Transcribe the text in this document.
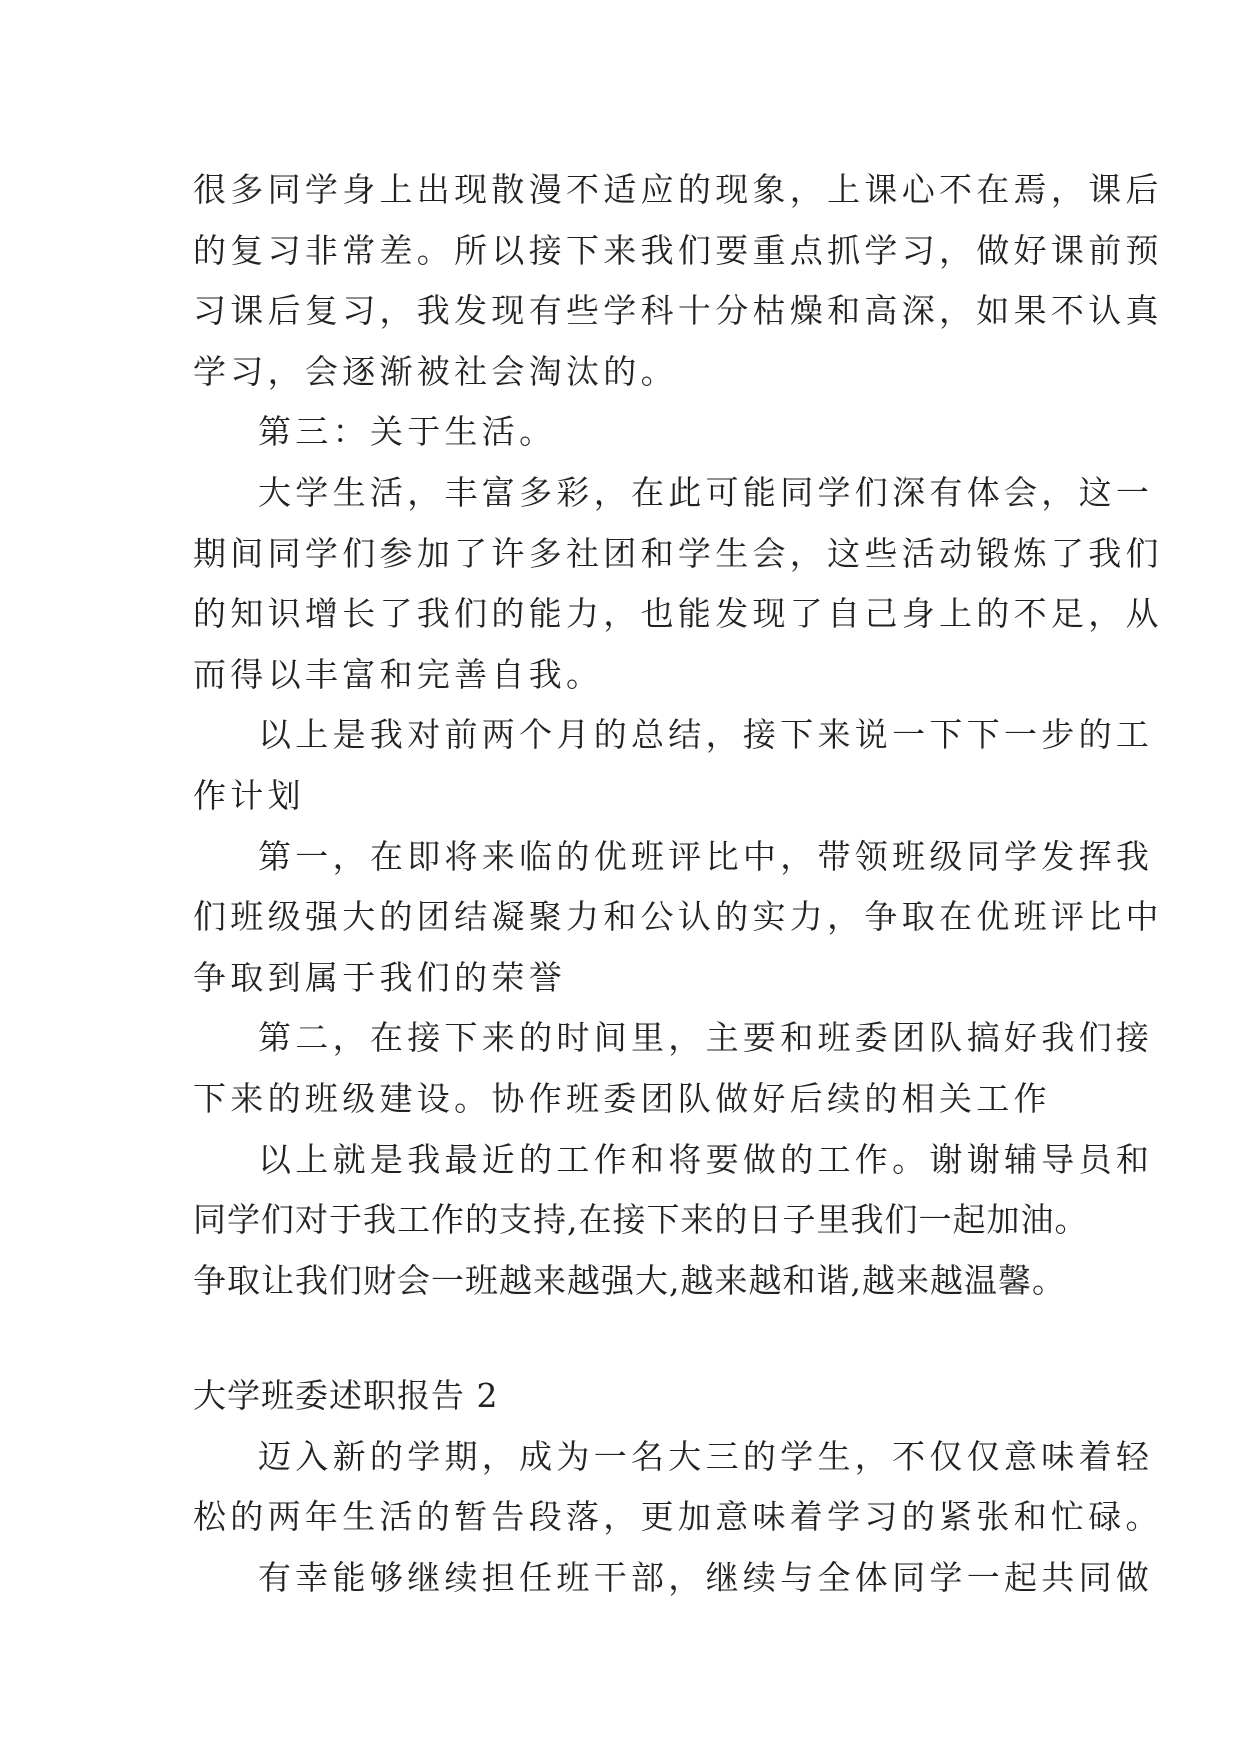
很多同学身上出现散漫不适应的现象，上课心不在焉，课后
的复习非常差。所以接下来我们要重点抓学习，做好课前预
习课后复习，我发现有些学科十分枯燥和高深，如果不认真
学习，会逐渐被社会淘汰的。
第三：关于生活。
大学生活，丰富多彩，在此可能同学们深有体会，这一
期间同学们参加了许多社团和学生会，这些活动锻炼了我们
的知识增长了我们的能力，也能发现了自己身上的不足，从
而得以丰富和完善自我。
以上是我对前两个月的总结，接下来说一下下一步的工
作计划
第一，在即将来临的优班评比中，带领班级同学发挥我
们班级强大的团结凝聚力和公认的实力，争取在优班评比中
争取到属于我们的荣誉
第二，在接下来的时间里，主要和班委团队搞好我们接
下来的班级建设。协作班委团队做好后续的相关工作
以上就是我最近的工作和将要做的工作。谢谢辅导员和
同学们对于我工作的支持,在接下来的日子里我们一起加油。
争取让我们财会一班越来越强大,越来越和谐,越来越温馨。
大学班委述职报告 2
迈入新的学期，成为一名大三的学生，不仅仅意味着轻
松的两年生活的暂告段落，更加意味着学习的紧张和忙碌。
有幸能够继续担任班干部，继续与全体同学一起共同做
